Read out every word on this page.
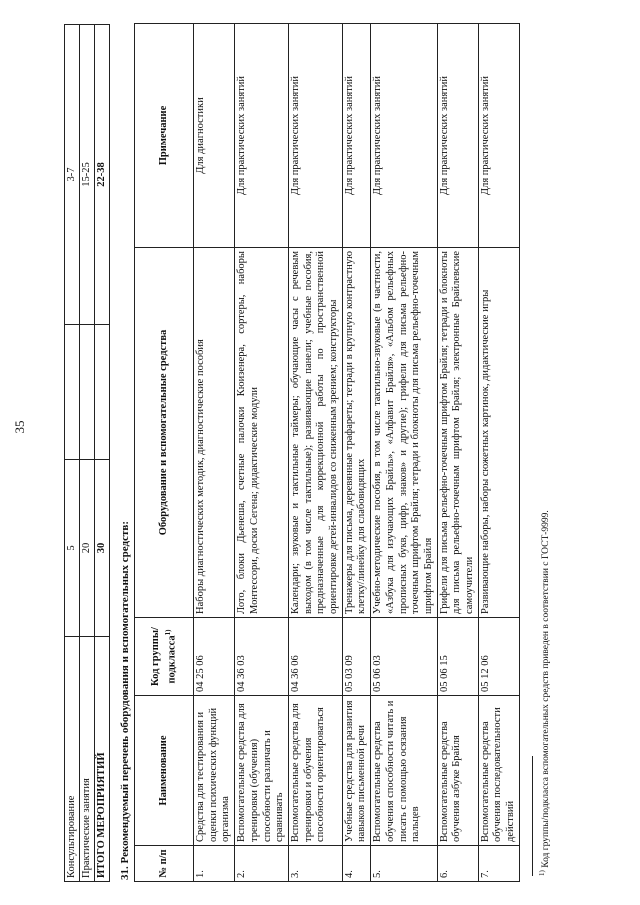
35
Консультирование	5		3-7
Практические занятия	20		15-25
ИТОГО МЕРОПРИЯТИЙ	30		22-38
31. Рекомендуемый перечень оборудования и вспомогательных средств:	№ п/п	Наименование	Код группы/ подкласса$^{1)}$	Оборудование и вспомогательные средства	Примечание
1.	Средства для тестирования и оценки психических функций организма	04 25 06	Наборы диагностических методик, диагностические пособия	Для диагностики
2.	Вспомогательные средства для тренировки (обучения) способности различать и сравнивать	04 36 03	Лото, блоки Дьенеша, счетные палочки Кюизенера, сортеры, наборы Монтессори, доски Сегена; дидактические модули	Для практических занятий
3.	Вспомогательные средства для тренировки и обучения способности ориентироваться	04 36 06	Календари; звуковые и тактильные таймеры; обучающие часы с речевым выходом (в том числе тактильные); развивающие панели; учебные пособия, предназначенные для коррекционной работы по пространственной ориентировке детей-инвалидов со сниженным зрением; конструкторы	Для практических занятий
4.	Учебные средства для развития навыков письменной речи	05 03 09	Тренажеры для письма, деревянные трафареты; тетради в крупную контрастную клетку/линейку для слабовидящих	Для практических занятий
5.	Вспомогательные средства обучения способности читать и писать с помощью осязания пальцев	05 06 03	Учебно-методические пособия, в том числе тактильно-звуковые (в частности, «Азбука для изучающих Брайль», «Алфавит Брайля», «Альбом рельефных прописных букв, цифр, знаков» и другие); грифели для письма рельефно-точечным шрифтом Брайля; тетради и блокноты для письма рельефно-точечным шрифтом Брайля	Для практических занятий
6.	Вспомогательные средства обучения азбуке Брайля	05 06 15	Грифели для письма рельефно-точечным шрифтом Брайля; тетради и блокноты для письма рельефно-точечным шрифтом Брайля; электронные Брайлевские самоучители	Для практических занятий
7.	Вспомогательные средства обучения последовательности действий	05 12 06	Развивающие наборы, наборы сюжетных картинок, дидактические игры	Для практических занятий
$^{1)}$ Код группы/подкласса вспомогательных средств приведен в соответствии с ГОСТ-9999.
